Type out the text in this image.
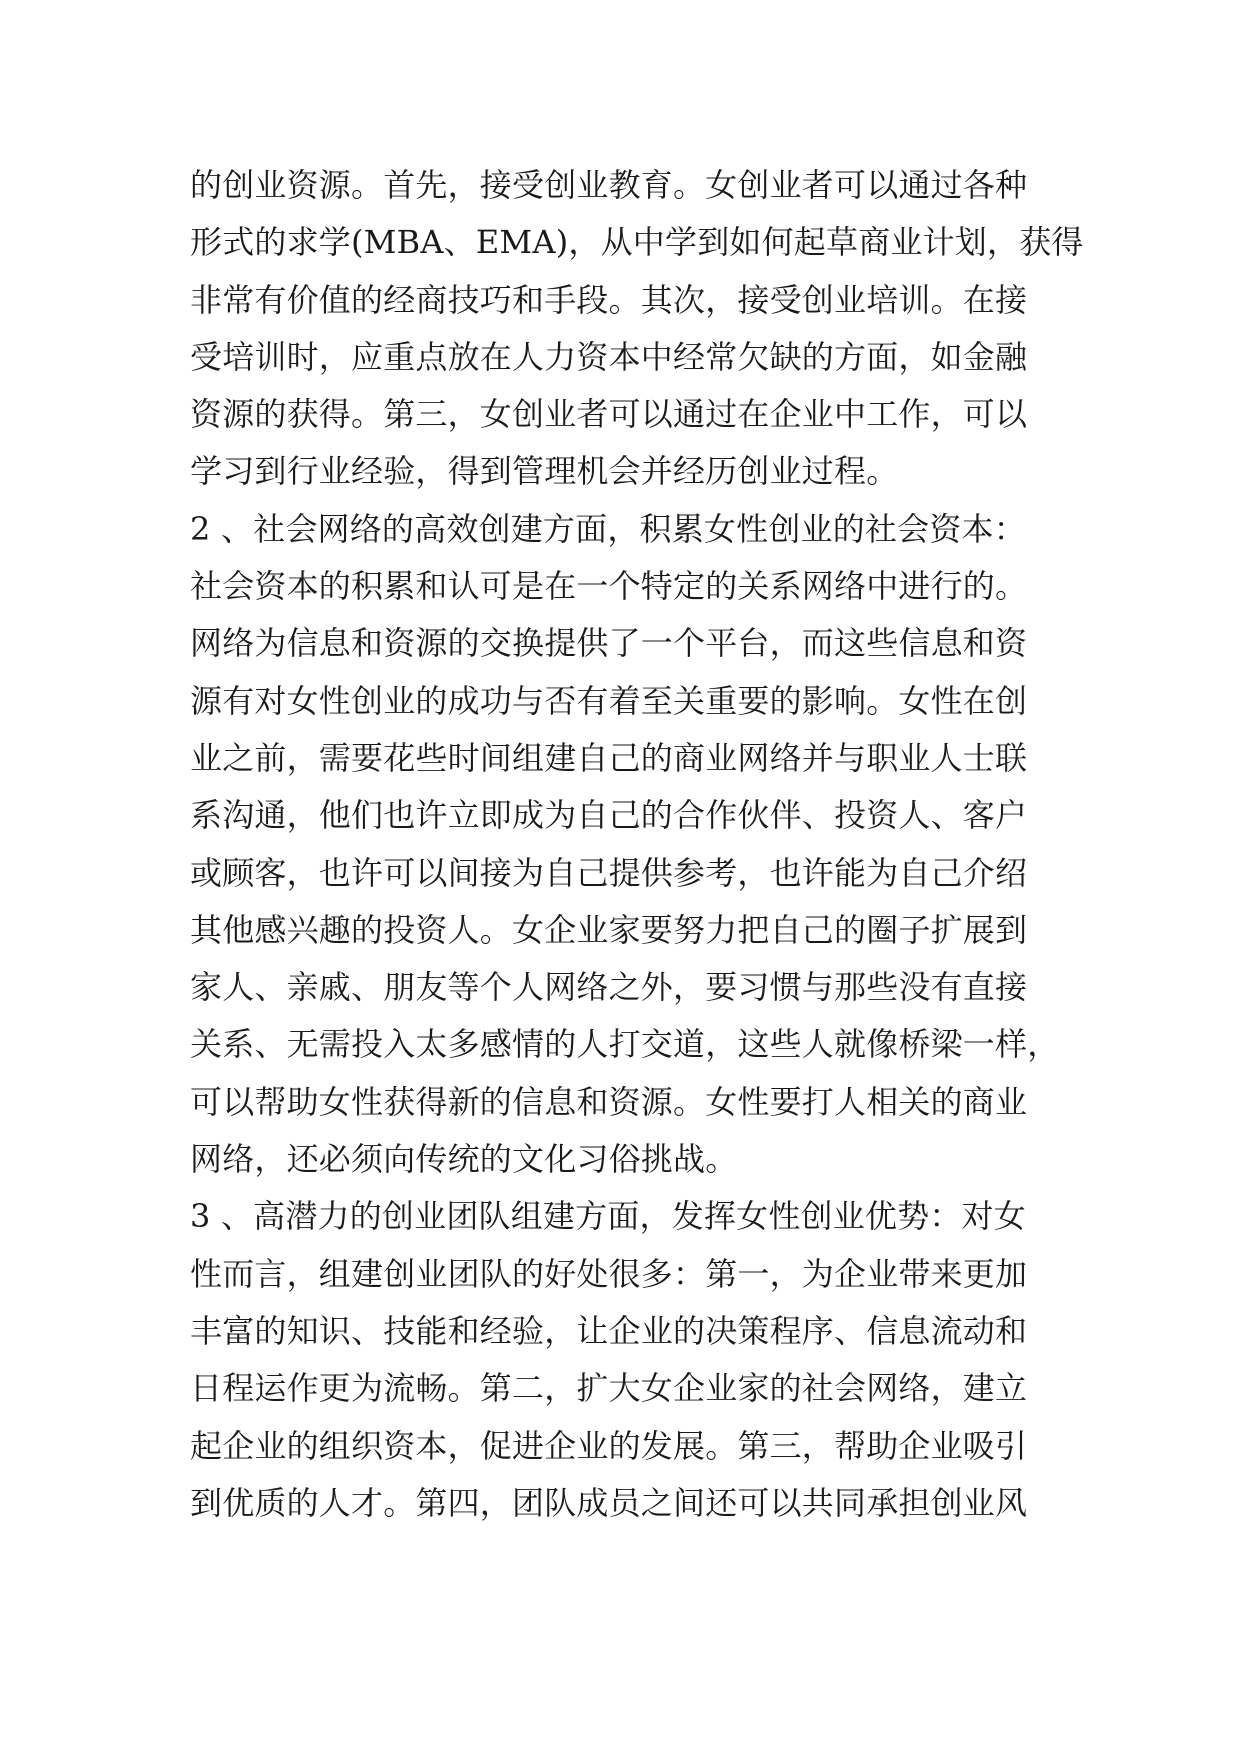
的创业资源。首先，接受创业教育。女创业者可以通过各种
形式的求学(MBA、EMA)，从中学到如何起草商业计划，获得
非常有价值的经商技巧和手段。其次，接受创业培训。在接
受培训时，应重点放在人力资本中经常欠缺的方面，如金融
资源的获得。第三，女创业者可以通过在企业中工作，可以
学习到行业经验，得到管理机会并经历创业过程。
2 、社会网络的高效创建方面，积累女性创业的社会资本：
社会资本的积累和认可是在一个特定的关系网络中进行的。
网络为信息和资源的交换提供了一个平台，而这些信息和资
源有对女性创业的成功与否有着至关重要的影响。女性在创
业之前，需要花些时间组建自己的商业网络并与职业人士联
系沟通，他们也许立即成为自己的合作伙伴、投资人、客户
或顾客，也许可以间接为自己提供参考，也许能为自己介绍
其他感兴趣的投资人。女企业家要努力把自己的圈子扩展到
家人、亲戚、朋友等个人网络之外，要习惯与那些没有直接
关系、无需投入太多感情的人打交道，这些人就像桥梁一样，
可以帮助女性获得新的信息和资源。女性要打人相关的商业
网络，还必须向传统的文化习俗挑战。
3 、高潜力的创业团队组建方面，发挥女性创业优势：对女
性而言，组建创业团队的好处很多：第一，为企业带来更加
丰富的知识、技能和经验，让企业的决策程序、信息流动和
日程运作更为流畅。第二，扩大女企业家的社会网络，建立
起企业的组织资本，促进企业的发展。第三，帮助企业吸引
到优质的人才。第四，团队成员之间还可以共同承担创业风
